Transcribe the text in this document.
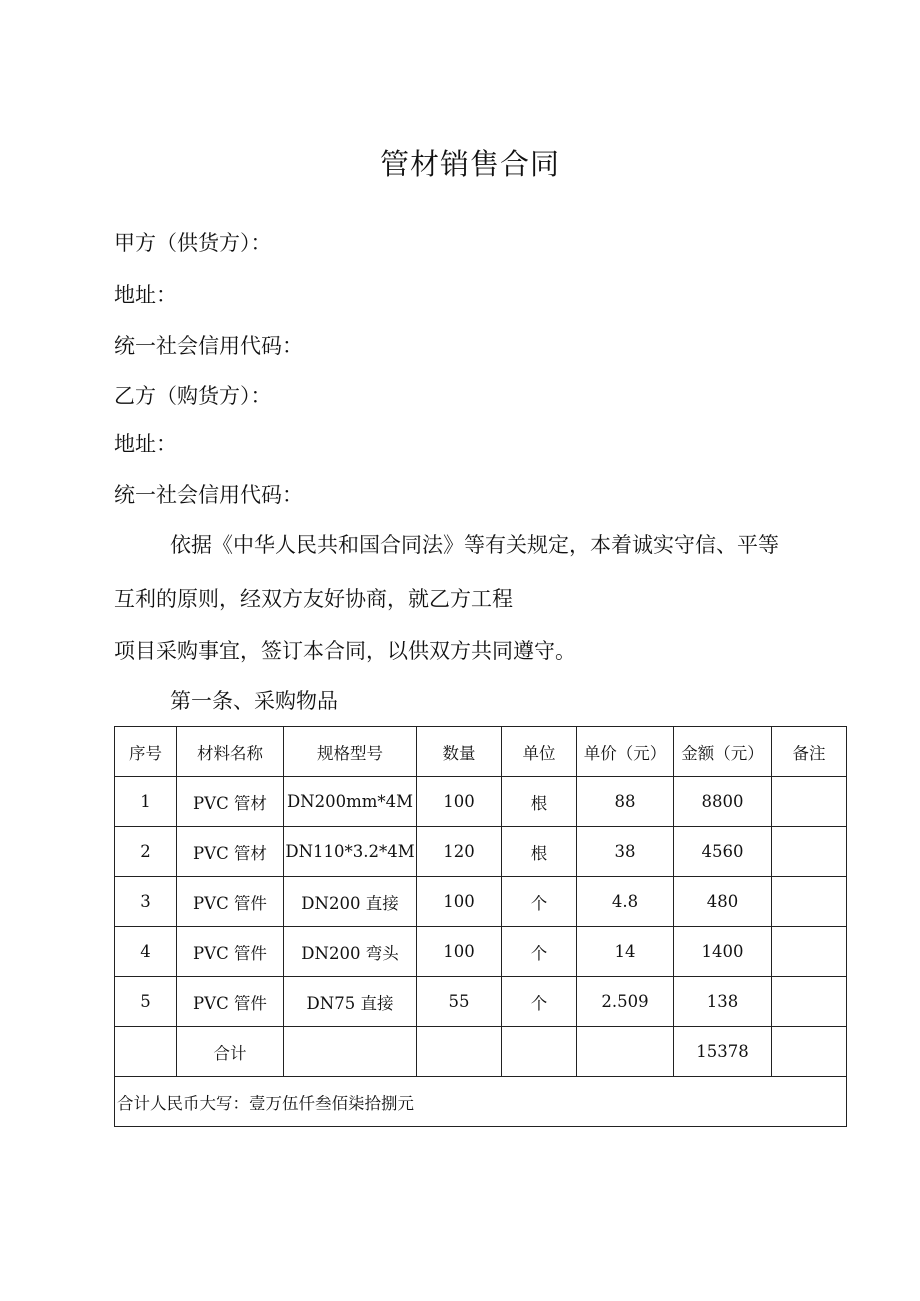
管材销售合同
甲方（供货方）：
地址：
统一社会信用代码：
乙方（购货方）：
地址：
统一社会信用代码：
依据《中华人民共和国合同法》等有关规定，本着诚实守信、平等
互利的原则，经双方友好协商，就乙方工程
项目采购事宜，签订本合同，以供双方共同遵守。
第一条、采购物品
序号	材料名称	规格型号	数量	单位	单价（元）	金额（元）	备注
1	PVC 管材	DN200mm*4M	100	根	88	8800	
2	PVC 管材	DN110*3.2*4M	120	根	38	4560	
3	PVC 管件	DN200 直接	100	个	4.8	480	
4	PVC 管件	DN200 弯头	100	个	14	1400	
5	PVC 管件	DN75 直接	55	个	2.509	138	
	合计					15378	
合计人民币大写：壹万伍仟叁佰柒拾捌元							
